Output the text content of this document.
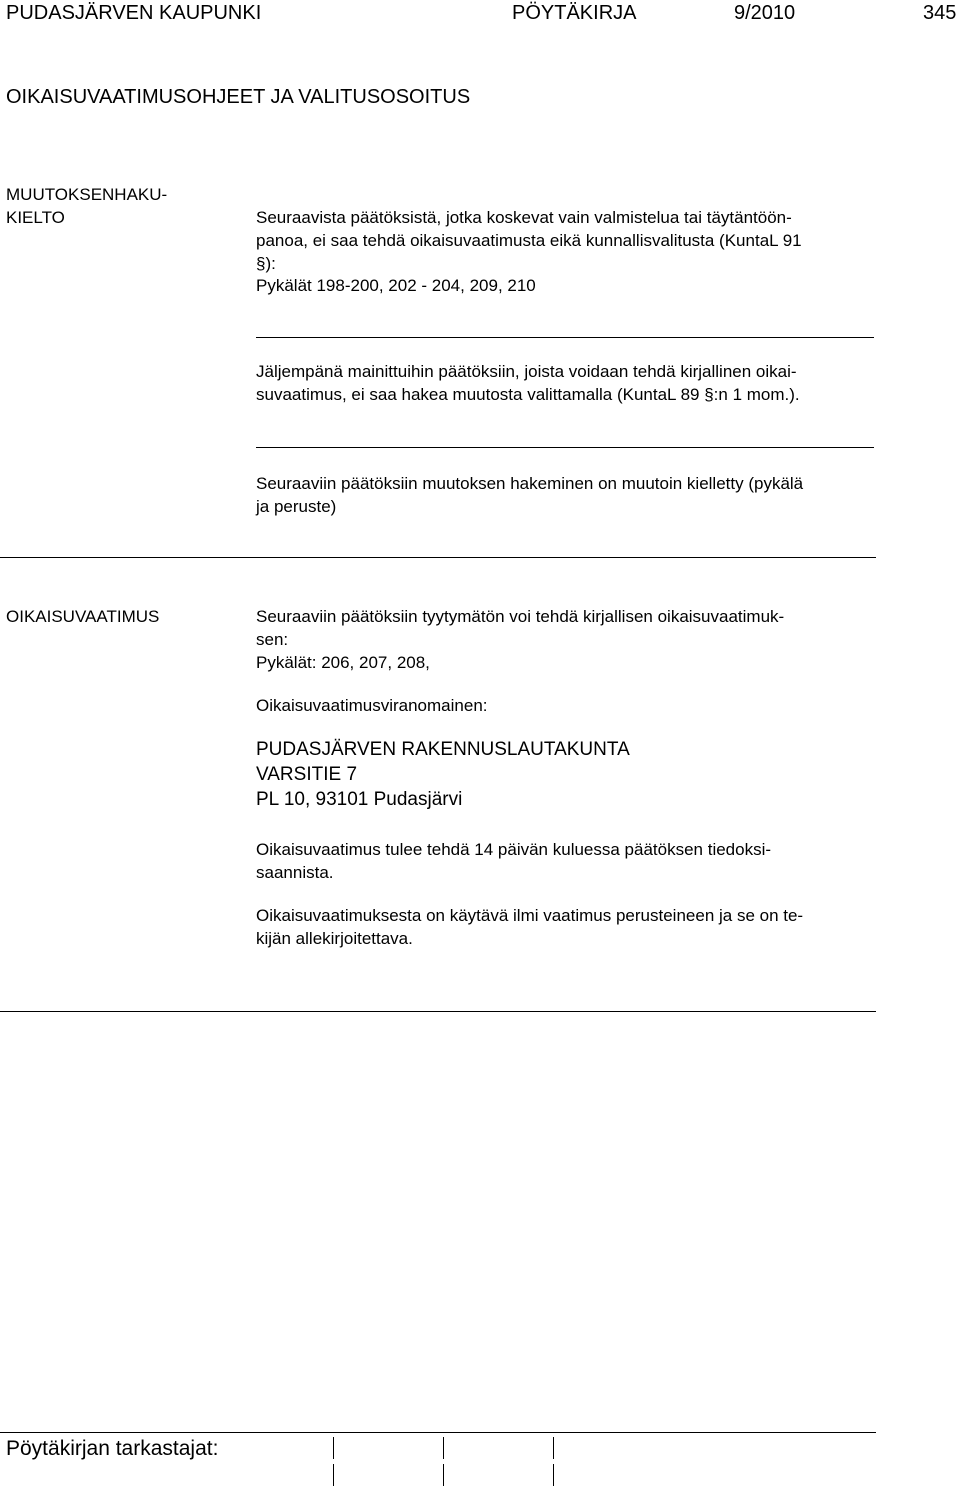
PUDASJÄRVEN KAUPUNKI	PÖYTÄKIRJA	9/2010	345
OIKAISUVAATIMUSOHJEET JA VALITUSOSOITUS
MUUTOKSENHAKU-
KIELTO	Seuraavista päätöksistä, jotka koskevat vain valmistelua tai täytäntöön-
panoa, ei saa tehdä oikaisuvaatimusta eikä kunnallisvalitusta (KuntaL 91
§):
Pykälät 198-200, 202 - 204, 209, 210
Jäljempänä mainittuihin päätöksiin, joista voidaan tehdä kirjallinen oikai-
suvaatimus, ei saa hakea muutosta valittamalla (KuntaL 89 §:n 1 mom.).
Seuraaviin päätöksiin muutoksen hakeminen on muutoin kielletty (pykälä
ja peruste)
OIKAISUVAATIMUS	Seuraaviin päätöksiin tyytymätön voi tehdä kirjallisen oikaisuvaatimuk-
sen:
Pykälät: 206, 207, 208,
Oikaisuvaatimusviranomainen:
PUDASJÄRVEN RAKENNUSLAUTAKUNTA
VARSITIE 7
PL 10, 93101 Pudasjärvi
Oikaisuvaatimus tulee tehdä 14 päivän kuluessa päätöksen tiedoksi-
saannista.
Oikaisuvaatimuksesta on käytävä ilmi vaatimus perusteineen ja se on te-
kijän allekirjoitettava.
Pöytäkirjan tarkastajat:
